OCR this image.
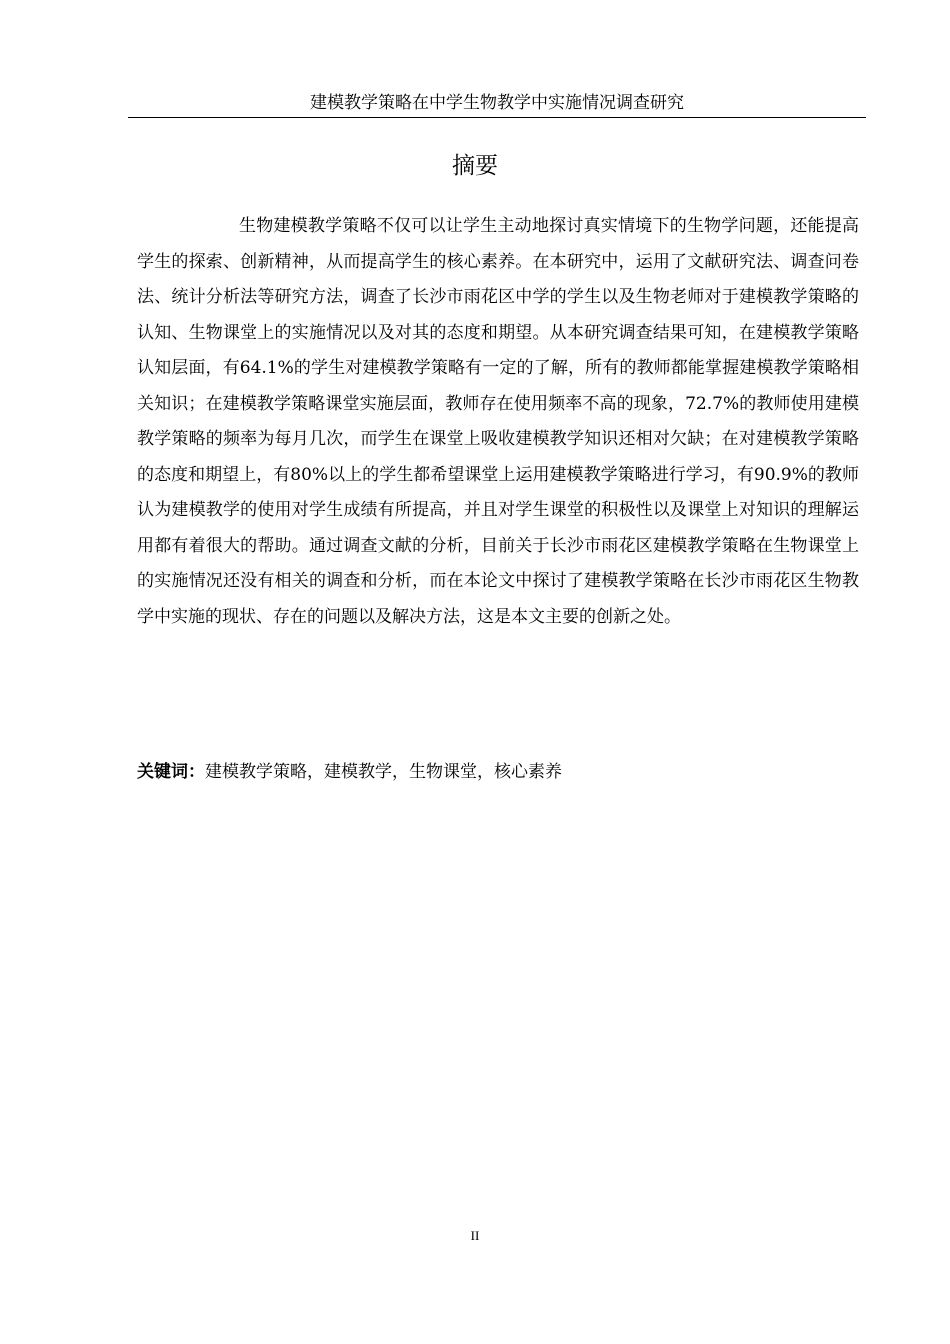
建模教学策略在中学生物教学中实施情况调查研究
摘要

生物建模教学策略不仅可以让学生主动地探讨真实情境下的生物学问题，还能提高学生的探索、创新精神，从而提高学生的核心素养。在本研究中，运用了文献研究法、调查问卷法、统计分析法等研究方法，调查了长沙市雨花区中学的学生以及生物老师对于建模教学策略的认知、生物课堂上的实施情况以及对其的态度和期望。从本研究调查结果可知，在建模教学策略认知层面，有64.1%的学生对建模教学策略有一定的了解，所有的教师都能掌握建模教学策略相关知识；在建模教学策略课堂实施层面，教师存在使用频率不高的现象，72.7%的教师使用建模教学策略的频率为每月几次，而学生在课堂上吸收建模教学知识还相对欠缺；在对建模教学策略的态度和期望上，有80%以上的学生都希望课堂上运用建模教学策略进行学习，有90.9%的教师认为建模教学的使用对学生成绩有所提高，并且对学生课堂的积极性以及课堂上对知识的理解运用都有着很大的帮助。通过调查文献的分析，目前关于长沙市雨花区建模教学策略在生物课堂上的实施情况还没有相关的调查和分析，而在本论文中探讨了建模教学策略在长沙市雨花区生物教学中实施的现状、存在的问题以及解决方法，这是本文主要的创新之处。

关键词：建模教学策略，建模教学，生物课堂，核心素养

II
